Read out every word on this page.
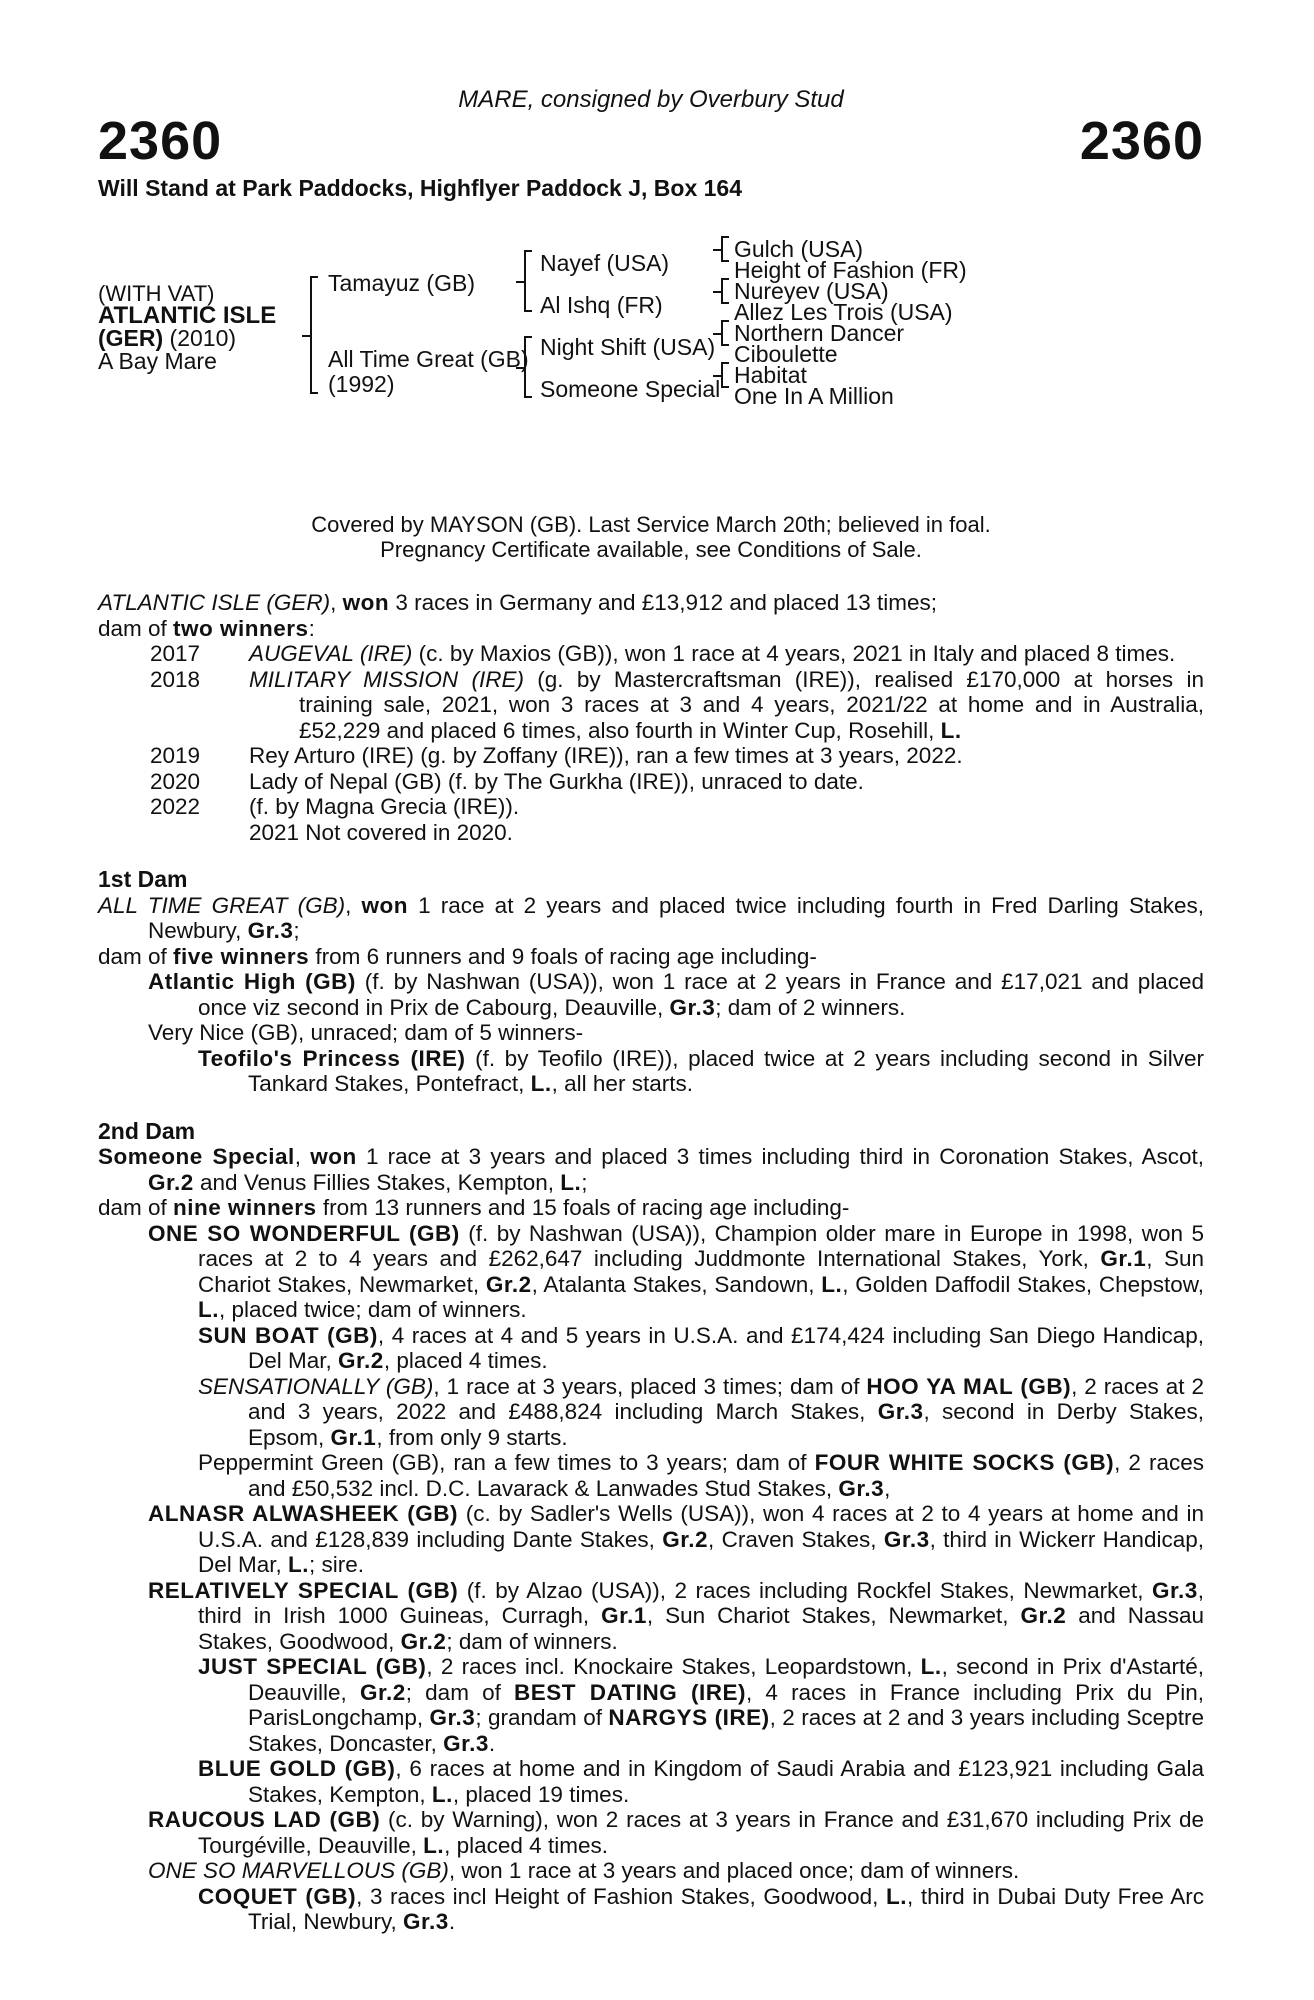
MARE, consigned by Overbury Stud
2360	2360
Will Stand at Park Paddocks, Highflyer Paddock J, Box 164
(WITH VAT)
ATLANTIC ISLE
(GER) (2010)
A Bay Mare
Tamayuz (GB)
All Time Great (GB)
(1992)
Nayef (USA)
Al Ishq (FR)
Night Shift (USA)
Someone Special
Gulch (USA)
Height of Fashion (FR)
Nureyev (USA)
Allez Les Trois (USA)
Northern Dancer
Ciboulette
Habitat
One In A Million
Covered by MAYSON (GB). Last Service March 20th; believed in foal.
Pregnancy Certificate available, see Conditions of Sale.

ATLANTIC ISLE (GER), won 3 races in Germany and £13,912 and placed 13 times;

dam of two winners:

2017	AUGEVAL (IRE) (c. by Maxios (GB)), won 1 race at 4 years, 2021 in Italy and placed 8 times.
2018	MILITARY MISSION (IRE) (g. by Mastercraftsman (IRE)), realised £170,000 at horses in training sale, 2021, won 3 races at 3 and 4 years, 2021/22 at home and in Australia, £52,229 and placed 6 times, also fourth in Winter Cup, Rosehill, L.
2019	Rey Arturo (IRE) (g. by Zoffany (IRE)), ran a few times at 3 years, 2022.
2020	Lady of Nepal (GB) (f. by The Gurkha (IRE)), unraced to date.
2022	(f. by Magna Grecia (IRE)).
2021 Not covered in 2020.

1st Dam

ALL TIME GREAT (GB), won 1 race at 2 years and placed twice including fourth in Fred Darling Stakes, Newbury, Gr.3;

dam of five winners from 6 runners and 9 foals of racing age including-

Atlantic High (GB) (f. by Nashwan (USA)), won 1 race at 2 years in France and £17,021 and placed once viz second in Prix de Cabourg, Deauville, Gr.3; dam of 2 winners.

Very Nice (GB), unraced; dam of 5 winners-

Teofilo's Princess (IRE) (f. by Teofilo (IRE)), placed twice at 2 years including second in Silver Tankard Stakes, Pontefract, L., all her starts.

2nd Dam

Someone Special, won 1 race at 3 years and placed 3 times including third in Coronation Stakes, Ascot, Gr.2 and Venus Fillies Stakes, Kempton, L.;

dam of nine winners from 13 runners and 15 foals of racing age including-

ONE SO WONDERFUL (GB) (f. by Nashwan (USA)), Champion older mare in Europe in 1998, won 5 races at 2 to 4 years and £262,647 including Juddmonte International Stakes, York, Gr.1, Sun Chariot Stakes, Newmarket, Gr.2, Atalanta Stakes, Sandown, L., Golden Daffodil Stakes, Chepstow, L., placed twice; dam of winners.

SUN BOAT (GB), 4 races at 4 and 5 years in U.S.A. and £174,424 including San Diego Handicap, Del Mar, Gr.2, placed 4 times.

SENSATIONALLY (GB), 1 race at 3 years, placed 3 times; dam of HOO YA MAL (GB), 2 races at 2 and 3 years, 2022 and £488,824 including March Stakes, Gr.3, second in Derby Stakes, Epsom, Gr.1, from only 9 starts.

Peppermint Green (GB), ran a few times to 3 years; dam of FOUR WHITE SOCKS (GB), 2 races and £50,532 incl. D.C. Lavarack & Lanwades Stud Stakes, Gr.3,

ALNASR ALWASHEEK (GB) (c. by Sadler's Wells (USA)), won 4 races at 2 to 4 years at home and in U.S.A. and £128,839 including Dante Stakes, Gr.2, Craven Stakes, Gr.3, third in Wickerr Handicap, Del Mar, L.; sire.

RELATIVELY SPECIAL (GB) (f. by Alzao (USA)), 2 races including Rockfel Stakes, Newmarket, Gr.3, third in Irish 1000 Guineas, Curragh, Gr.1, Sun Chariot Stakes, Newmarket, Gr.2 and Nassau Stakes, Goodwood, Gr.2; dam of winners.

JUST SPECIAL (GB), 2 races incl. Knockaire Stakes, Leopardstown, L., second in Prix d'Astarté, Deauville, Gr.2; dam of BEST DATING (IRE), 4 races in France including Prix du Pin, ParisLongchamp, Gr.3; grandam of NARGYS (IRE), 2 races at 2 and 3 years including Sceptre Stakes, Doncaster, Gr.3.

BLUE GOLD (GB), 6 races at home and in Kingdom of Saudi Arabia and £123,921 including Gala Stakes, Kempton, L., placed 19 times.

RAUCOUS LAD (GB) (c. by Warning), won 2 races at 3 years in France and £31,670 including Prix de Tourgéville, Deauville, L., placed 4 times.

ONE SO MARVELLOUS (GB), won 1 race at 3 years and placed once; dam of winners.

COQUET (GB), 3 races incl Height of Fashion Stakes, Goodwood, L., third in Dubai Duty Free Arc Trial, Newbury, Gr.3.
